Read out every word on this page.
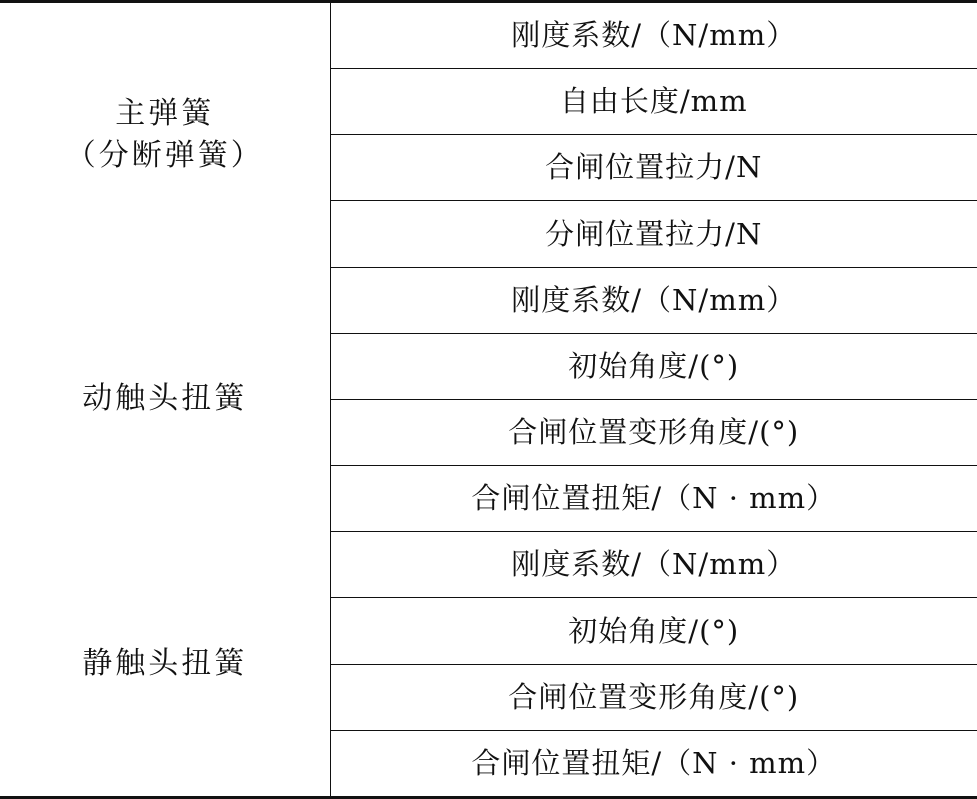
主弹簧
（分断弹簧）	刚度系数/（N/mm）
	自由长度/mm
	合闸位置拉力/N
	分闸位置拉力/N

动触头扭簧	刚度系数/（N/mm）
	初始角度/(°)
	合闸位置变形角度/(°)
	合闸位置扭矩/（N · mm）

静触头扭簧	刚度系数/（N/mm）
	初始角度/(°)
	合闸位置变形角度/(°)
	合闸位置扭矩/（N · mm）
